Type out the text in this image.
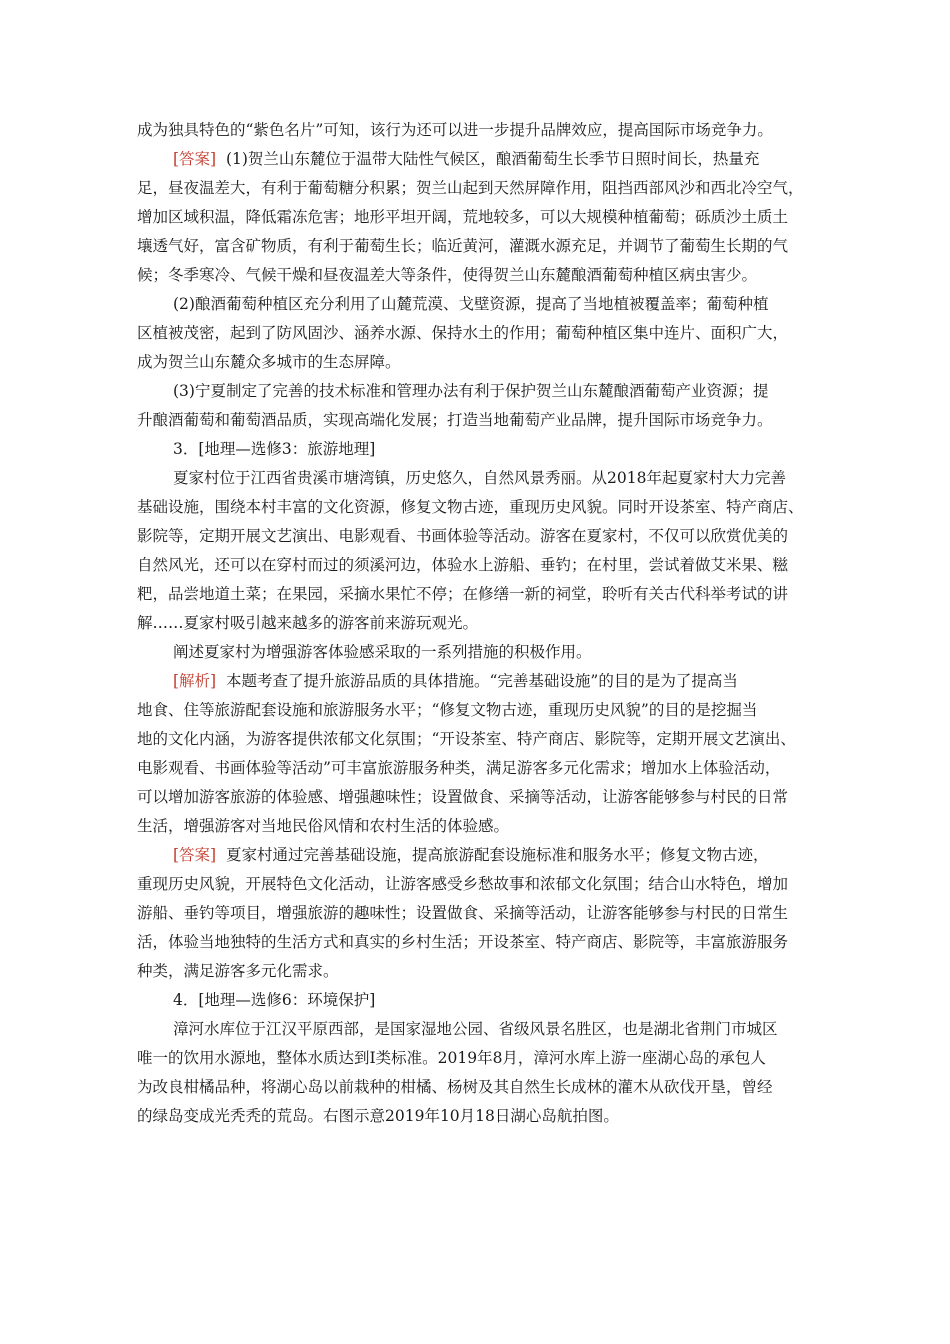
成为独具特色的“紫色名片”可知，该行为还可以进一步提升品牌效应，提高国际市场竞争力。
[答案] (1)贺兰山东麓位于温带大陆性气候区，酿酒葡萄生长季节日照时间长，热量充
足，昼夜温差大，有利于葡萄糖分积累；贺兰山起到天然屏障作用，阻挡西部风沙和西北冷空气，
增加区域积温，降低霜冻危害；地形平坦开阔，荒地较多，可以大规模种植葡萄；砾质沙土质土
壤透气好，富含矿物质，有利于葡萄生长；临近黄河，灌溉水源充足，并调节了葡萄生长期的气
候；冬季寒冷、气候干燥和昼夜温差大等条件，使得贺兰山东麓酿酒葡萄种植区病虫害少。
(2)酿酒葡萄种植区充分利用了山麓荒漠、戈壁资源，提高了当地植被覆盖率；葡萄种植
区植被茂密，起到了防风固沙、涵养水源、保持水土的作用；葡萄种植区集中连片、面积广大，
成为贺兰山东麓众多城市的生态屏障。
(3)宁夏制定了完善的技术标准和管理办法有利于保护贺兰山东麓酿酒葡萄产业资源；提
升酿酒葡萄和葡萄酒品质，实现高端化发展；打造当地葡萄产业品牌，提升国际市场竞争力。
3．[地理—选修3：旅游地理]
夏家村位于江西省贵溪市塘湾镇，历史悠久，自然风景秀丽。从2018年起夏家村大力完善
基础设施，围绕本村丰富的文化资源，修复文物古迹，重现历史风貌。同时开设茶室、特产商店、
影院等，定期开展文艺演出、电影观看、书画体验等活动。游客在夏家村，不仅可以欣赏优美的
自然风光，还可以在穿村而过的须溪河边，体验水上游船、垂钓；在村里，尝试着做艾米果、糍
粑，品尝地道土菜；在果园，采摘水果忙不停；在修缮一新的祠堂，聆听有关古代科举考试的讲
解……夏家村吸引越来越多的游客前来游玩观光。
阐述夏家村为增强游客体验感采取的一系列措施的积极作用。
[解析] 本题考查了提升旅游品质的具体措施。“完善基础设施”的目的是为了提高当
地食、住等旅游配套设施和旅游服务水平；“修复文物古迹，重现历史风貌”的目的是挖掘当
地的文化内涵，为游客提供浓郁文化氛围；“开设茶室、特产商店、影院等，定期开展文艺演出、
电影观看、书画体验等活动”可丰富旅游服务种类，满足游客多元化需求；增加水上体验活动，
可以增加游客旅游的体验感、增强趣味性；设置做食、采摘等活动，让游客能够参与村民的日常
生活，增强游客对当地民俗风情和农村生活的体验感。
[答案] 夏家村通过完善基础设施，提高旅游配套设施标准和服务水平；修复文物古迹，
重现历史风貌，开展特色文化活动，让游客感受乡愁故事和浓郁文化氛围；结合山水特色，增加
游船、垂钓等项目，增强旅游的趣味性；设置做食、采摘等活动，让游客能够参与村民的日常生
活，体验当地独特的生活方式和真实的乡村生活；开设茶室、特产商店、影院等，丰富旅游服务
种类，满足游客多元化需求。
4．[地理—选修6：环境保护]
漳河水库位于江汉平原西部，是国家湿地公园、省级风景名胜区，也是湖北省荆门市城区
唯一的饮用水源地，整体水质达到Ⅰ类标准。2019年8月，漳河水库上游一座湖心岛的承包人
为改良柑橘品种，将湖心岛以前栽种的柑橘、杨树及其自然生长成林的灌木从砍伐开垦，曾经
的绿岛变成光秃秃的荒岛。右图示意2019年10月18日湖心岛航拍图。
